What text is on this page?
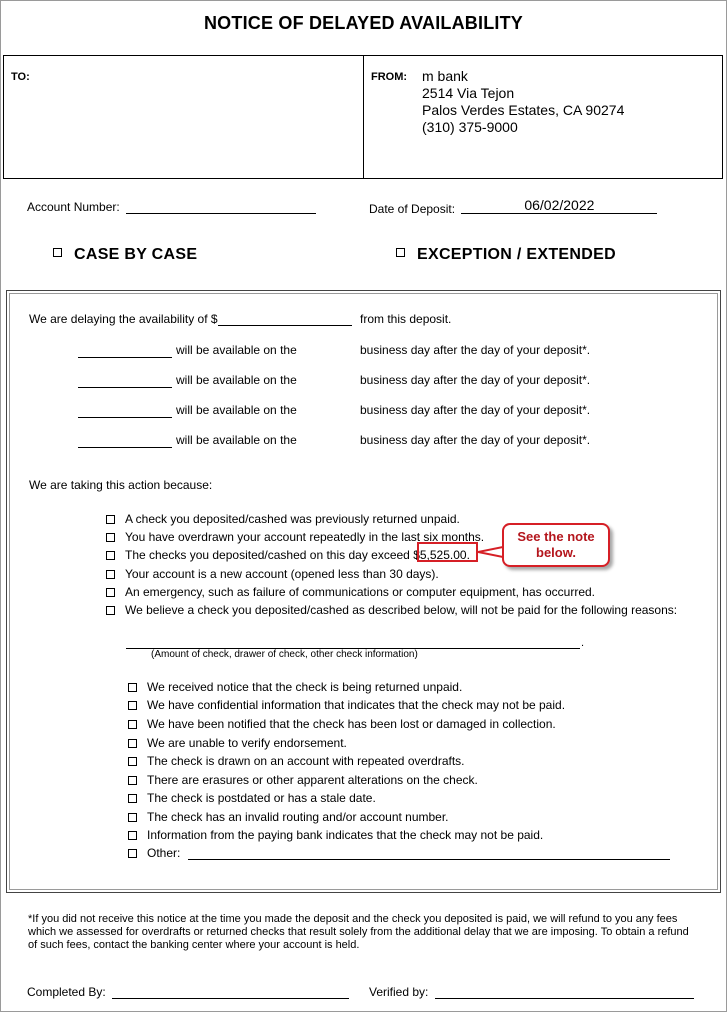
NOTICE OF DELAYED AVAILABILITY
TO:	FROM: m bank
2514 Via Tejon
Palos Verdes Estates, CA 90274
(310) 375-9000
Account Number:	Date of Deposit:	06/02/2022
CASE BY CASE	EXCEPTION / EXTENDED
We are delaying the availability of $	from this deposit.
will be available on the	business day after the day of your deposit*.
will be available on the	business day after the day of your deposit*.
will be available on the	business day after the day of your deposit*.
will be available on the	business day after the day of your deposit*.
We are taking this action because:
A check you deposited/cashed was previously returned unpaid.
You have overdrawn your account repeatedly in the last six months.
The checks you deposited/cashed on this day exceed $5,525.00.
Your account is a new account (opened less than 30 days).
An emergency, such as failure of communications or computer equipment, has occurred.
We believe a check you deposited/cashed as described below, will not be paid for the following reasons:
See the note below.
.
(Amount of check, drawer of check, other check information)
We received notice that the check is being returned unpaid.
We have confidential information that indicates that the check may not be paid.
We have been notified that the check has been lost or damaged in collection.
We are unable to verify endorsement.
The check is drawn on an account with repeated overdrafts.
There are erasures or other apparent alterations on the check.
The check is postdated or has a stale date.
The check has an invalid routing and/or account number.
Information from the paying bank indicates that the check may not be paid.
Other:
*If you did not receive this notice at the time you made the deposit and the check you deposited is paid, we will refund to you any fees which we assessed for overdrafts or returned checks that result solely from the additional delay that we are imposing. To obtain a refund of such fees, contact the banking center where your account is held.
Completed By:	Verified by:
